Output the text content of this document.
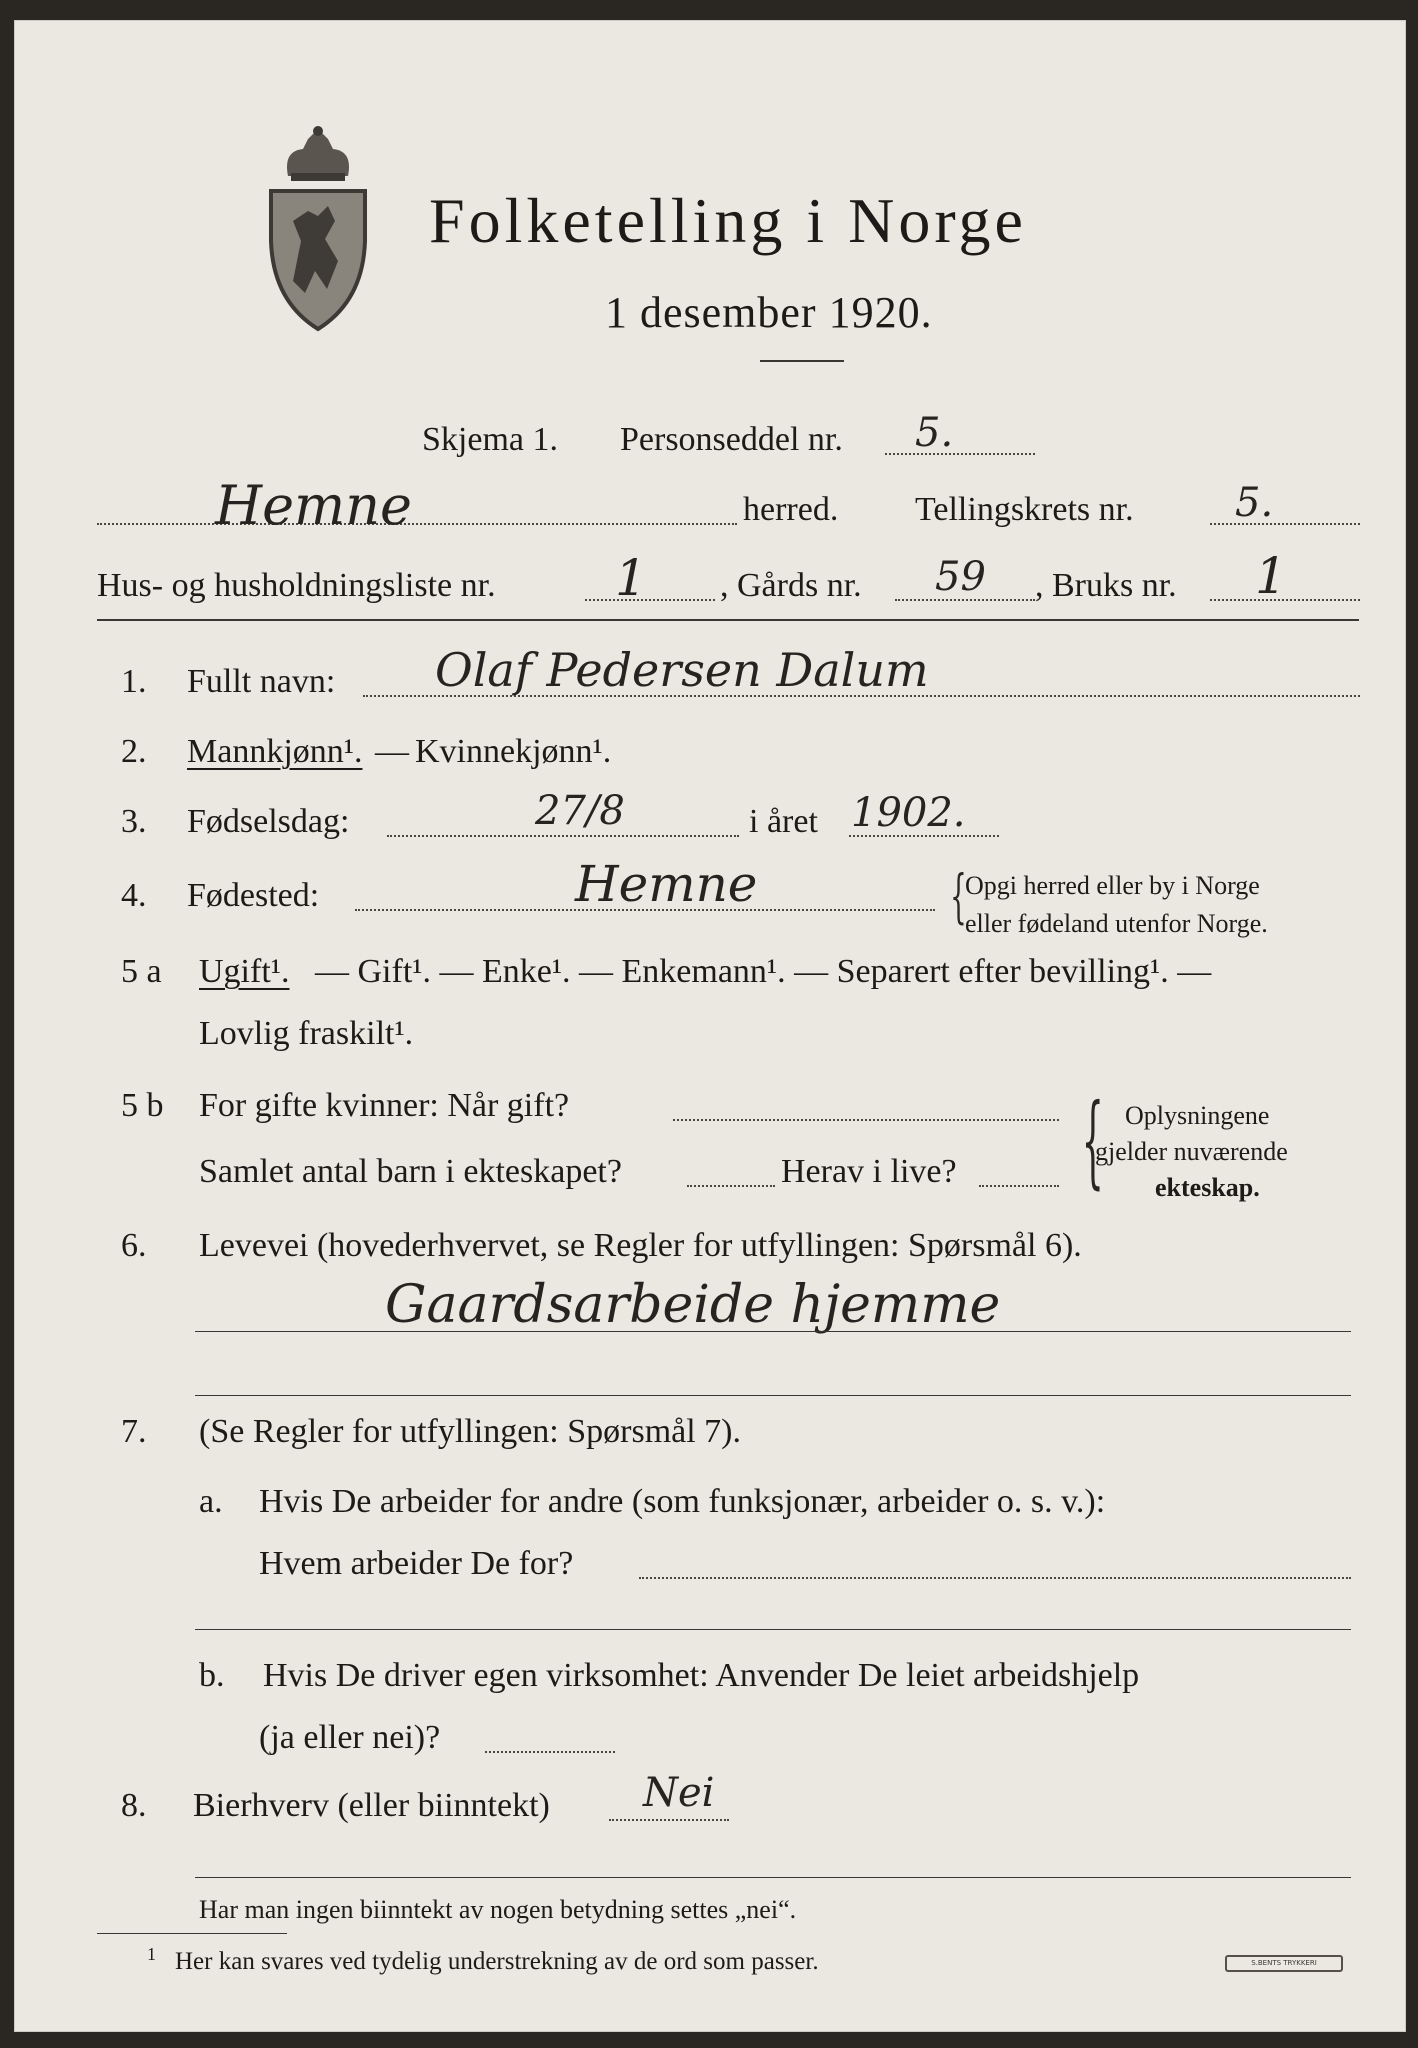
Folketelling i Norge
1 desember 1920.
Skjema 1. Personseddel nr. 5.
Hemne	herred. Tellingskrets nr.	5.
Hus- og husholdningsliste nr. 1 , Gårds nr. 59 , Bruks nr. 1
1. Fullt navn: Olaf Pedersen Dalum
2. Mannkjønn¹. — Kvinnekjønn¹.
3. Fødselsdag:	27/8	i året 1902.
4. Fødested:	Hemne	{
Opgi herred eller by i Norge
eller fødeland utenfor Norge.
5 a Ugift¹. — Gift¹. — Enke¹. — Enkemann¹. — Separert efter bevilling¹. —
Lovlig fraskilt¹.
5 b For gifte kvinner: Når gift?
Samlet antal barn i ekteskapet?	Herav i live? { Oplysningene
gjelder nuværende
ekteskap.
6. Levevei (hovederhvervet, se Regler for utfyllingen: Spørsmål 6).
Gaardsarbeide hjemme
7. (Se Regler for utfyllingen: Spørsmål 7).
a. Hvis De arbeider for andre (som funksjonær, arbeider o. s. v.):
Hvem arbeider De for?
b. Hvis De driver egen virksomhet: Anvender De leiet arbeidshjelp
(ja eller nei)?
8. Bierhverv (eller biinntekt) Nei
Har man ingen biinntekt av nogen betydning settes „nei“.
1 Her kan svares ved tydelig understrekning av de ord som passer.	S.BENTS TRYKKERI
